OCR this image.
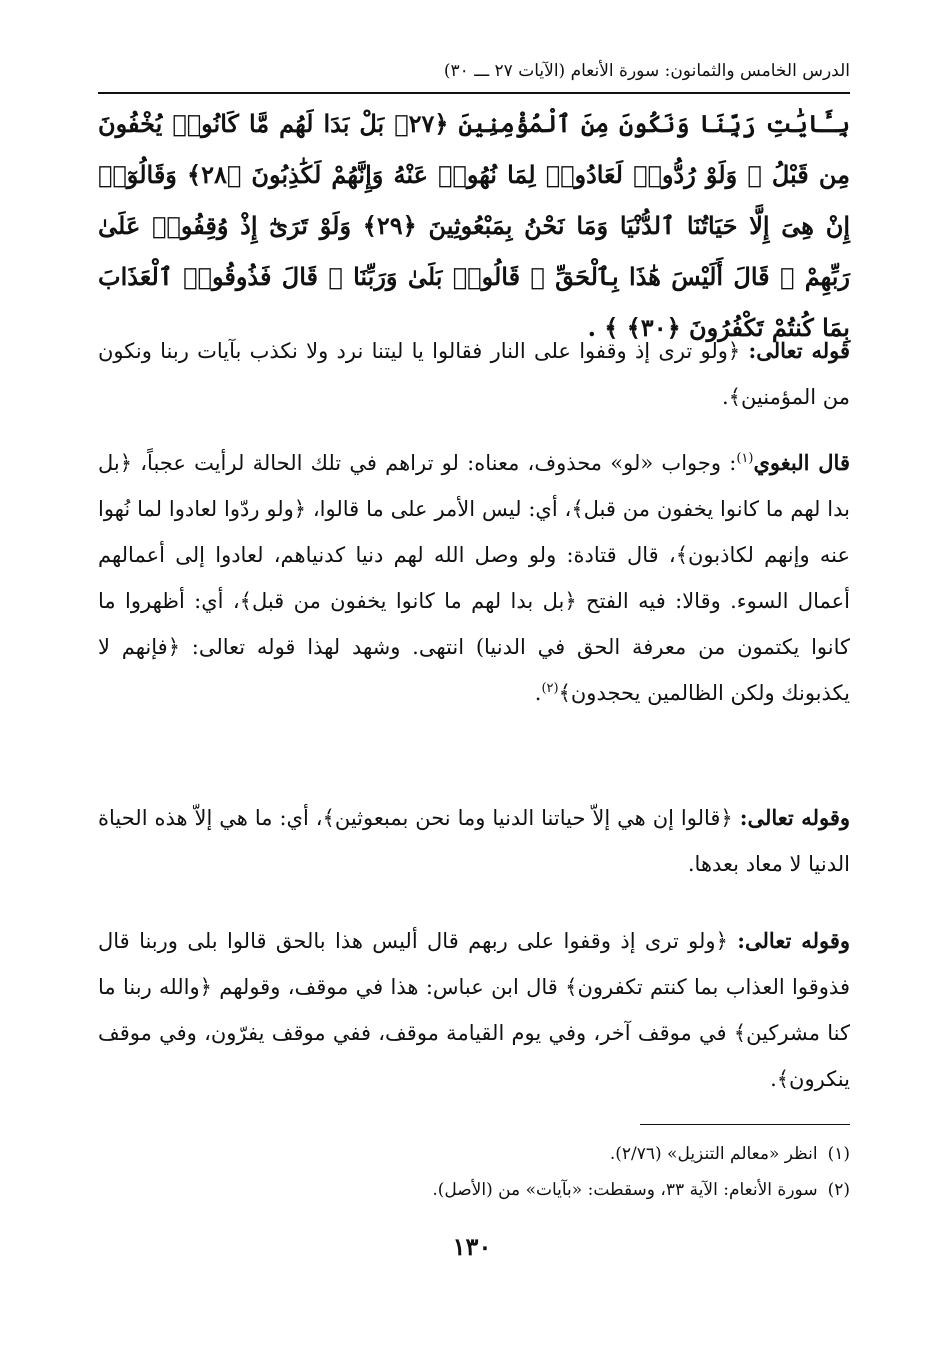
الدرس الخامس والثمانون: سورة الأنعام (الآيات ٢٧ ـــ ٣٠)
بِـَٔايَٰتِ رَبِّنَا وَنَكُونَ مِنَ ٱلْمُؤْمِنِينَ ﴿٢٧﴾ بَلْ بَدَا لَهُم مَّا كَانُوا۟ يُخْفُونَ مِن قَبْلُ ۖ وَلَوْ رُدُّوا۟ لَعَادُوا۟ لِمَا نُهُوا۟ عَنْهُ وَإِنَّهُمْ لَكَٰذِبُونَ ﴿٢٨﴾ وَقَالُوٓا۟ إِنْ هِىَ إِلَّا حَيَاتُنَا ٱلدُّنْيَا وَمَا نَحْنُ بِمَبْعُوثِينَ ﴿٢٩﴾ وَلَوْ تَرَىٰٓ إِذْ وُقِفُوا۟ عَلَىٰ رَبِّهِمْ ۚ قَالَ أَلَيْسَ هَٰذَا بِٱلْحَقِّ ۚ قَالُوا۟ بَلَىٰ وَرَبِّنَا ۚ قَالَ فَذُوقُوا۟ ٱلْعَذَابَ بِمَا كُنتُمْ تَكْفُرُونَ ﴿٣٠﴾ ﴾ .
قوله تعالى: ﴿ولو ترى إذ وقفوا على النار فقالوا يا ليتنا نرد ولا نكذب بآيات ربنا ونكون من المؤمنين﴾.
قال البغوي$^{(١)}$: وجواب «لو» محذوف، معناه: لو تراهم في تلك الحالة لرأيت عجباً، ﴿بل بدا لهم ما كانوا يخفون من قبل﴾، أي: ليس الأمر على ما قالوا، ﴿ولو ردّوا لعادوا لما نُهوا عنه وإنهم لكاذبون﴾، قال قتادة: ولو وصل الله لهم دنيا كدنياهم، لعادوا إلى أعمالهم أعمال السوء. وقالا: فيه الفتح ﴿بل بدا لهم ما كانوا يخفون من قبل﴾، أي: أظهروا ما كانوا يكتمون من معرفة الحق في الدنيا) انتهى. وشهد لهذا قوله تعالى: ﴿فإنهم لا يكذبونك ولكن الظالمين يحجدون﴾$^{(٢)}$.
وقوله تعالى: ﴿قالوا إن هي إلاّ حياتنا الدنيا وما نحن بمبعوثين﴾، أي: ما هي إلاّ هذه الحياة الدنيا لا معاد بعدها.
وقوله تعالى: ﴿ولو ترى إذ وقفوا على ربهم قال أليس هذا بالحق قالوا بلى وربنا قال فذوقوا العذاب بما كنتم تكفرون﴾ قال ابن عباس: هذا في موقف، وقولهم ﴿والله ربنا ما كنا مشركين﴾ في موقف آخر، وفي يوم القيامة موقف، ففي موقف يفرّون، وفي موقف ينكرون﴾.
(١)انظر «معالم التنزيل» (٢/٧٦).
(٢)سورة الأنعام: الآية ٣٣، وسقطت: «بآيات» من (الأصل).
١٣٠
